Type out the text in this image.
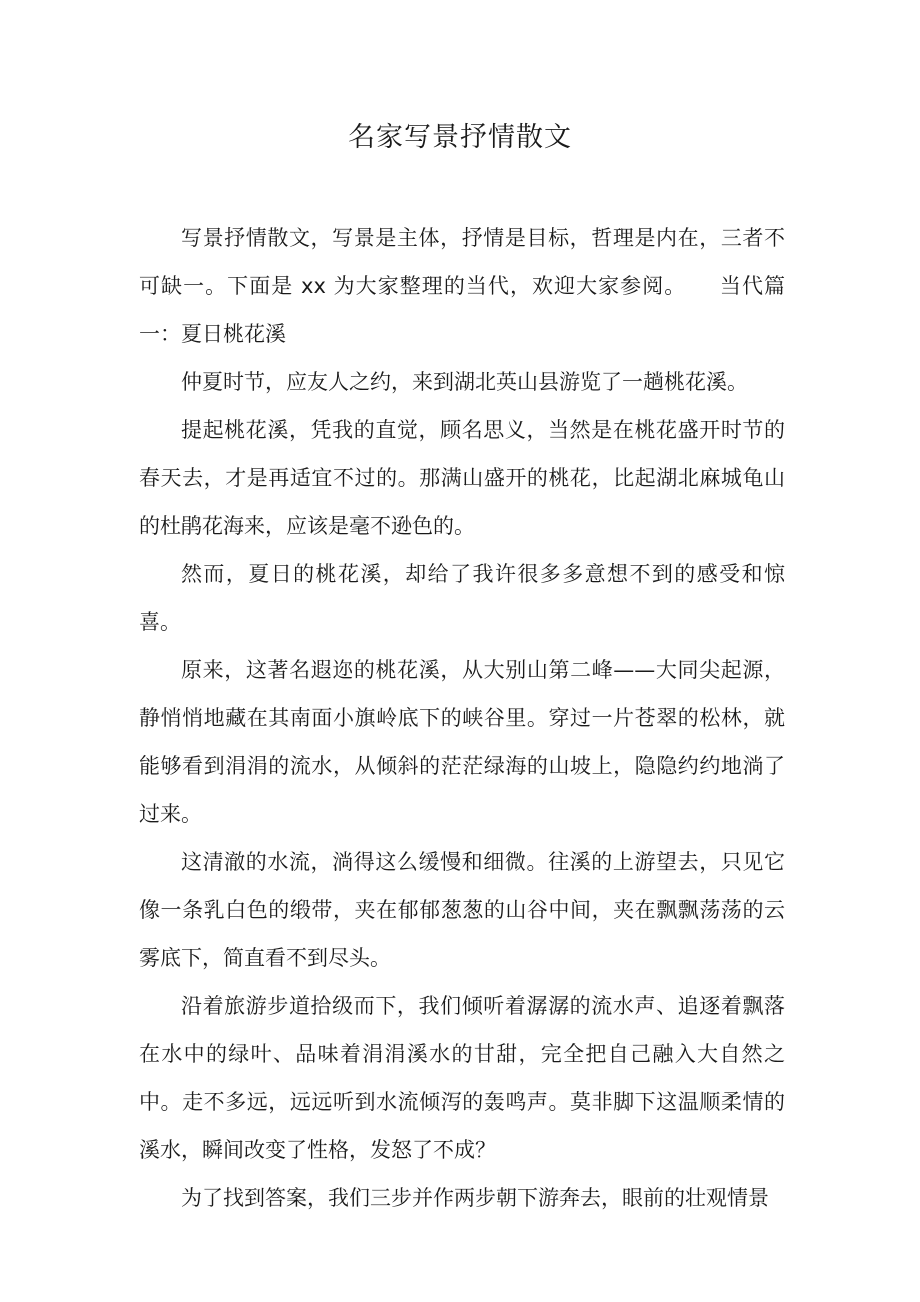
名家写景抒情散文

写景抒情散文，写景是主体，抒情是目标，哲理是内在，三者不可缺一。下面是 xx 为大家整理的当代，欢迎大家参阅。　　当代篇一：夏日桃花溪

仲夏时节，应友人之约，来到湖北英山县游览了一趟桃花溪。

提起桃花溪，凭我的直觉，顾名思义，当然是在桃花盛开时节的春天去，才是再适宜不过的。那满山盛开的桃花，比起湖北麻城龟山的杜鹃花海来，应该是毫不逊色的。

然而，夏日的桃花溪，却给了我许很多多意想不到的感受和惊喜。

原来，这著名遐迩的桃花溪，从大别山第二峰——大同尖起源，静悄悄地藏在其南面小旗岭底下的峡谷里。穿过一片苍翠的松林，就能够看到涓涓的流水，从倾斜的茫茫绿海的山坡上，隐隐约约地淌了过来。

这清澈的水流，淌得这么缓慢和细微。往溪的上游望去，只见它像一条乳白色的缎带，夹在郁郁葱葱的山谷中间，夹在飘飘荡荡的云雾底下，简直看不到尽头。

沿着旅游步道拾级而下，我们倾听着潺潺的流水声、追逐着飘落在水中的绿叶、品味着涓涓溪水的甘甜，完全把自己融入大自然之中。走不多远，远远听到水流倾泻的轰鸣声。莫非脚下这温顺柔情的溪水，瞬间改变了性格，发怒了不成？

为了找到答案，我们三步并作两步朝下游奔去，眼前的壮观情景
